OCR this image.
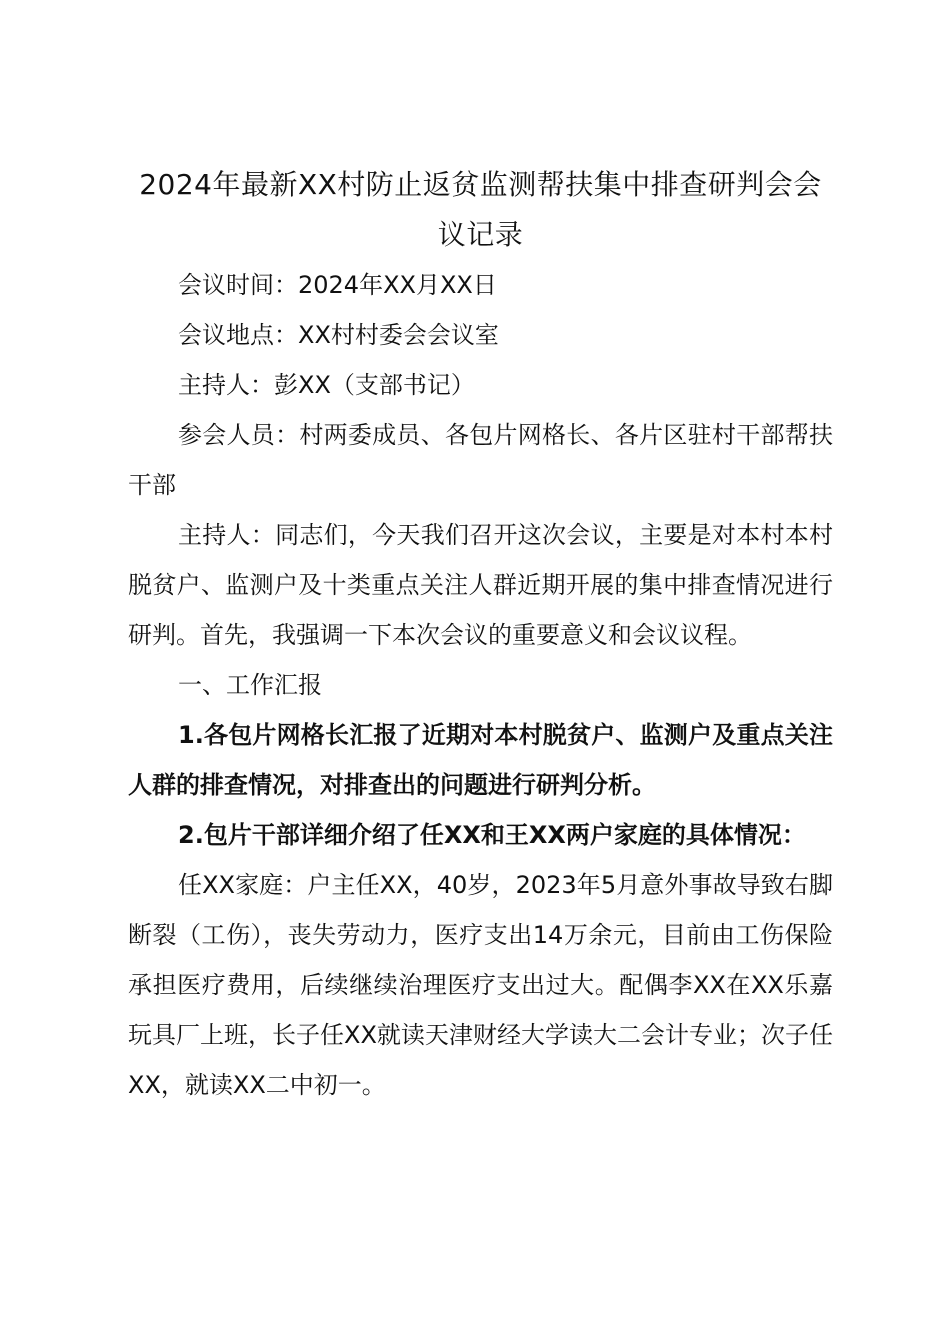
2024年最新XX村防止返贫监测帮扶集中排查研判会会议记录

会议时间：2024年XX月XX日

会议地点：XX村村委会会议室

主持人：彭XX（支部书记）

参会人员：村两委成员、各包片网格长、各片区驻村干部帮扶干部

主持人：同志们，今天我们召开这次会议，主要是对本村本村脱贫户、监测户及十类重点关注人群近期开展的集中排查情况进行研判。首先，我强调一下本次会议的重要意义和会议议程。

一、工作汇报

1.各包片网格长汇报了近期对本村脱贫户、监测户及重点关注人群的排查情况，对排查出的问题进行研判分析。

2.包片干部详细介绍了任XX和王XX两户家庭的具体情况：

任XX家庭：户主任XX，40岁，2023年5月意外事故导致右脚断裂（工伤），丧失劳动力，医疗支出14万余元，目前由工伤保险承担医疗费用，后续继续治理医疗支出过大。配偶李XX在XX乐嘉玩具厂上班，长子任XX就读天津财经大学读大二会计专业；次子任XX，就读XX二中初一。
